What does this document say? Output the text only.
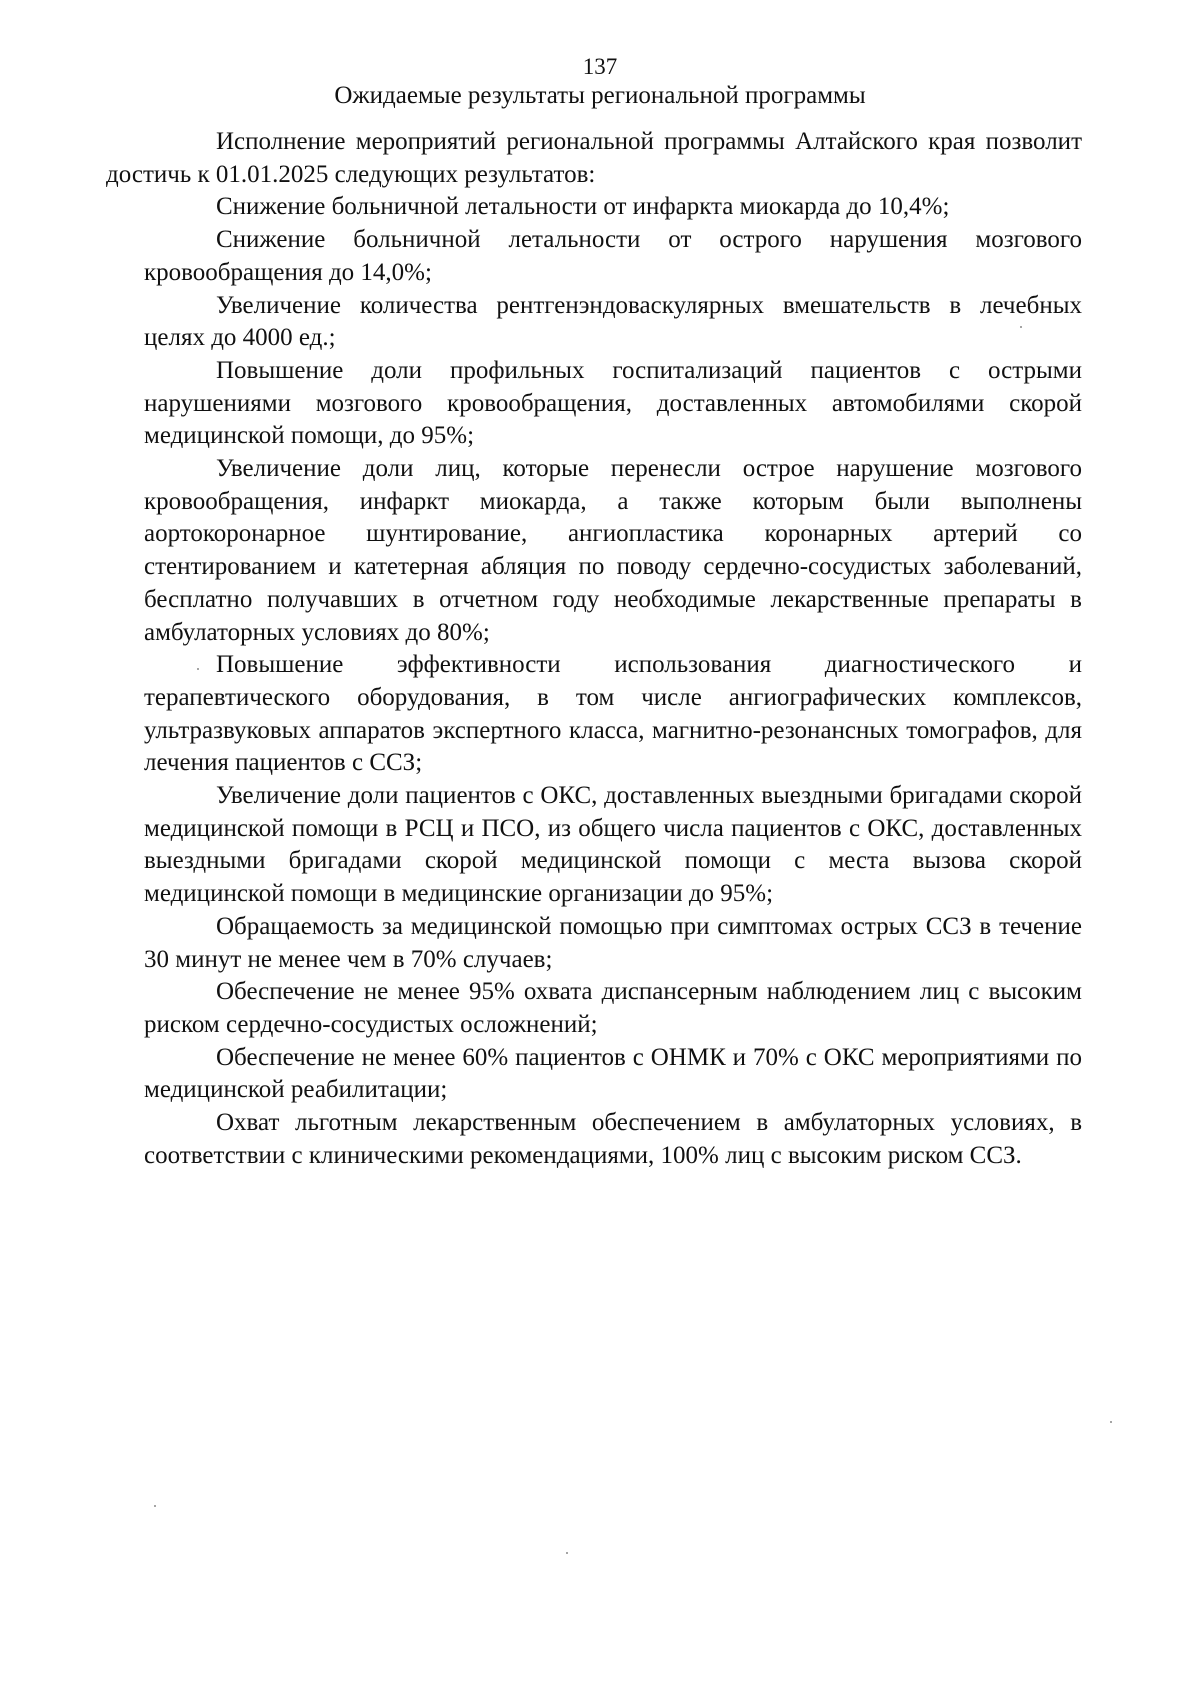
137
Ожидаемые результаты региональной программы

Исполнение мероприятий региональной программы Алтайского края позволит достичь к 01.01.2025 следующих результатов:

Снижение больничной летальности от инфаркта миокарда до 10,4%;

Снижение больничной летальности от острого нарушения мозгового кровообращения до 14,0%;

Увеличение количества рентгенэндоваскулярных вмешательств в лечебных целях до 4000 ед.;

Повышение доли профильных госпитализаций пациентов с острыми нарушениями мозгового кровообращения, доставленных автомобилями скорой медицинской помощи, до 95%;

Увеличение доли лиц, которые перенесли острое нарушение мозгового кровообращения, инфаркт миокарда, а также которым были выполнены аортокоронарное шунтирование, ангиопластика коронарных артерий со стентированием и катетерная абляция по поводу сердечно-сосудистых заболеваний, бесплатно получавших в отчетном году необходимые лекарственные препараты в амбулаторных условиях до 80%;

Повышение эффективности использования диагностического и терапевтического оборудования, в том числе ангиографических комплексов, ультразвуковых аппаратов экспертного класса, магнитно-резонансных томографов, для лечения пациентов с ССЗ;

Увеличение доли пациентов с ОКС, доставленных выездными бригадами скорой медицинской помощи в РСЦ и ПСО, из общего числа пациентов с ОКС, доставленных выездными бригадами скорой медицинской помощи с места вызова скорой медицинской помощи в медицинские организации до 95%;

Обращаемость за медицинской помощью при симптомах острых ССЗ в течение 30 минут не менее чем в 70% случаев;

Обеспечение не менее 95% охвата диспансерным наблюдением лиц с высоким риском сердечно-сосудистых осложнений;

Обеспечение не менее 60% пациентов с ОНМК и 70% с ОКС мероприятиями по медицинской реабилитации;

Охват льготным лекарственным обеспечением в амбулаторных условиях, в соответствии с клиническими рекомендациями, 100% лиц с высоким риском ССЗ.
